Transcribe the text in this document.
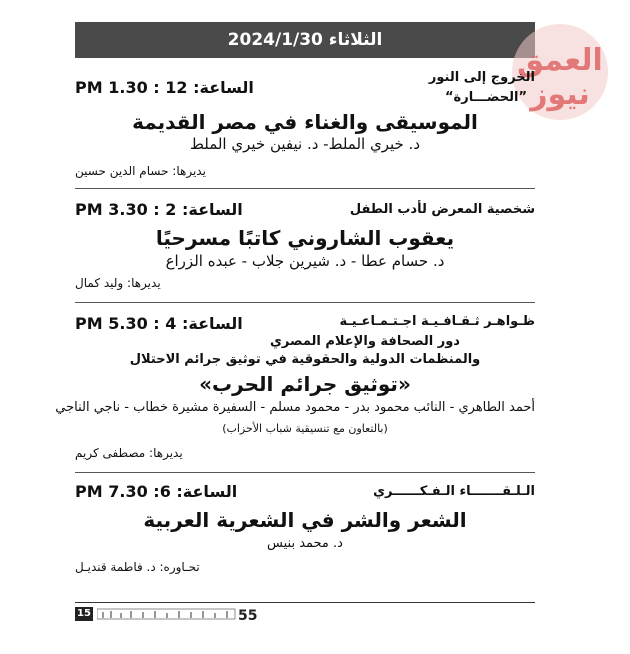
الثلاثاء 2024/1/30
العمق
نيوز
الخروج إلى النور
”الحضـــارة“
الساعة: 12 : 1.30 PM
الموسيقى والغناء في مصر القديمة
د. خيري الملط- د. نيفين خيري الملط
يديرها: حسام الدين حسين
شخصية المعرض لأدب الطفل
الساعة: 2 : 3.30 PM
يعقوب الشاروني كاتبًا مسرحيًا
د. حسام عطا - د. شيرين جلاب - عبده الزراع
يديرها: وليد كمال
ظـواهـر ثـقـافـيـة اجـتـمـاعـيـة
الساعة: 4 : 5.30 PM
دور الصحافة والإعلام المصري
والمنظمات الدولية والحقوقية في توثيق جرائم الاحتلال
«توثيق جرائم الحرب»
أحمد الطاهري - النائب محمود بدر - محمود مسلم - السفيرة مشيرة خطاب - ناجي الناجي
(بالتعاون مع تنسيقية شباب الأحزاب)
يديرها: مصطفى كريم
الـلـقـــــــاء الـفـكــــــري
الساعة: 6: 7.30 PM
الشعر والشر في الشعرية العربية
د. محمد بنيس
تحـاوره: د. فاطمة قنديـل
15	55
